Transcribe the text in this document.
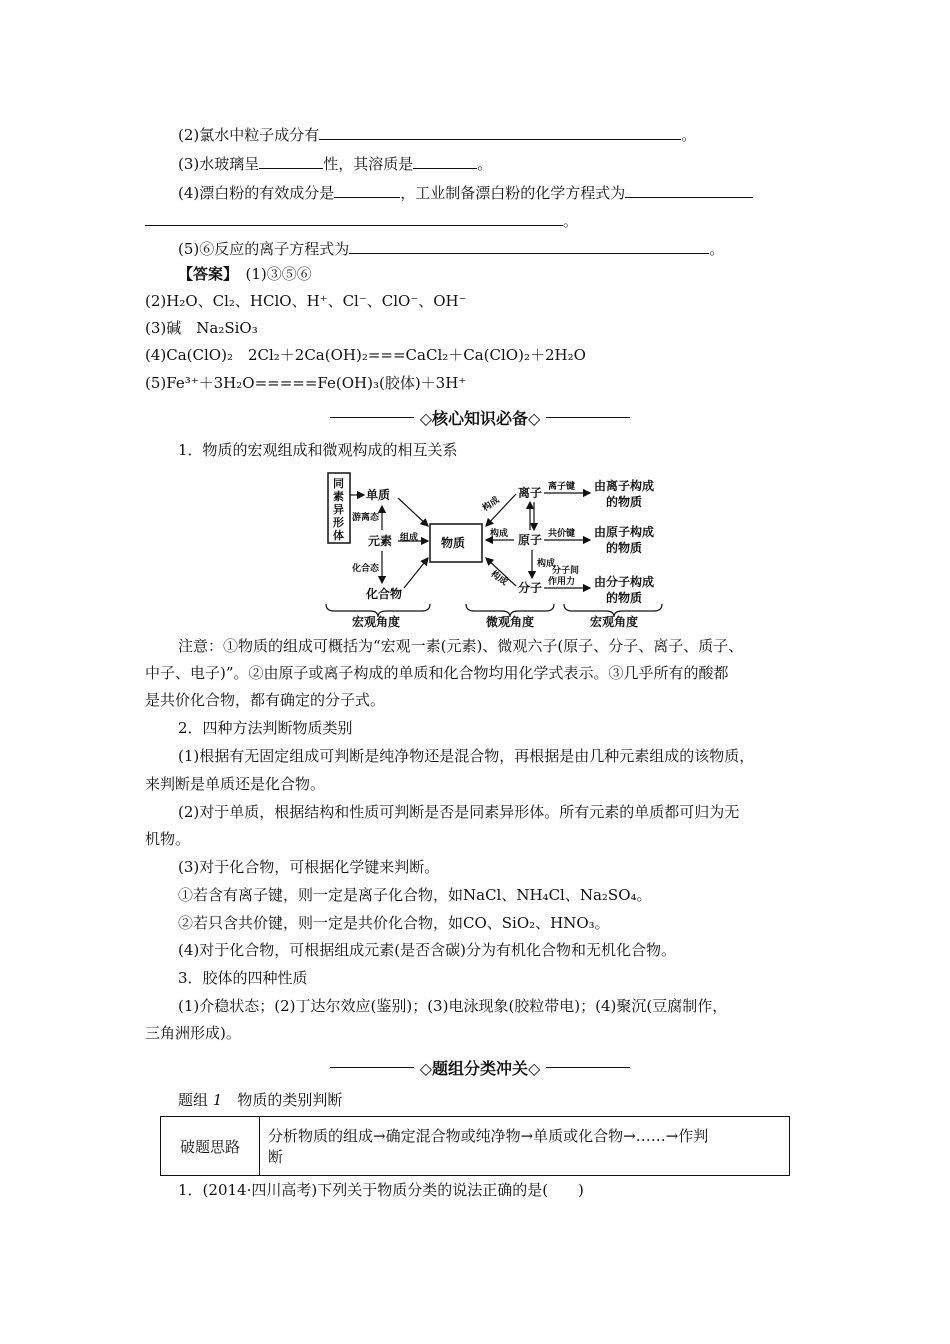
(2)氯水中粒子成分有	。
(3)水玻璃呈	性，其溶质是	。
(4)漂白粉的有效成分是	，工业制备漂白粉的化学方程式为
。
(5)⑥反应的离子方程式为	。
【答案】　 (1)③⑤⑥
(2)H₂O、Cl₂、HClO、H⁺、Cl⁻、ClO⁻、OH⁻
(3)碱　Na₂SiO₃
(4)Ca(ClO)₂　2Cl₂＋2Ca(OH)₂===CaCl₂＋Ca(ClO)₂＋2H₂O
(5)Fe³⁺＋3H₂O=====Fe(OH)₃(胶体)＋3H⁺
◇核心知识必备◇
1．物质的宏观组成和微观构成的相互关系
同素异形体
物质
单质
元素
化合物
游离态
化合态
组成
离子
原子
分子
构成
构成
构成
构成
离子键
共价键
分子间
作用力
由离子构成
的物质
由原子构成
的物质
由分子构成
的物质
宏观角度	微观角度	宏观角度
注意：①物质的组成可概括为“宏观一素(元素)、微观六子(原子、分子、离子、质子、
中子、电子)”。②由原子或离子构成的单质和化合物均用化学式表示。③几乎所有的酸都
是共价化合物，都有确定的分子式。
2．四种方法判断物质类别
(1)根据有无固定组成可判断是纯净物还是混合物，再根据是由几种元素组成的该物质，
来判断是单质还是化合物。
(2)对于单质，根据结构和性质可判断是否是同素异形体。所有元素的单质都可归为无
机物。
(3)对于化合物，可根据化学键来判断。
①若含有离子键，则一定是离子化合物，如NaCl、NH₄Cl、Na₂SO₄。
②若只含共价键，则一定是共价化合物，如CO、SiO₂、HNO₃。
(4)对于化合物，可根据组成元素(是否含碳)分为有机化合物和无机化合物。
3．胶体的四种性质
(1)介稳状态；(2)丁达尔效应(鉴别)；(3)电泳现象(胶粒带电)；(4)聚沉(豆腐制作，
三角洲形成)。
◇题组分类冲关◇
题组 1　 物质的类别判断
破题思路	
分析物质的组成→确定混合物或纯净物→单质或化合物→……→作判
断
1．(2014·四川高考)下列关于物质分类的说法正确的是(　　)
